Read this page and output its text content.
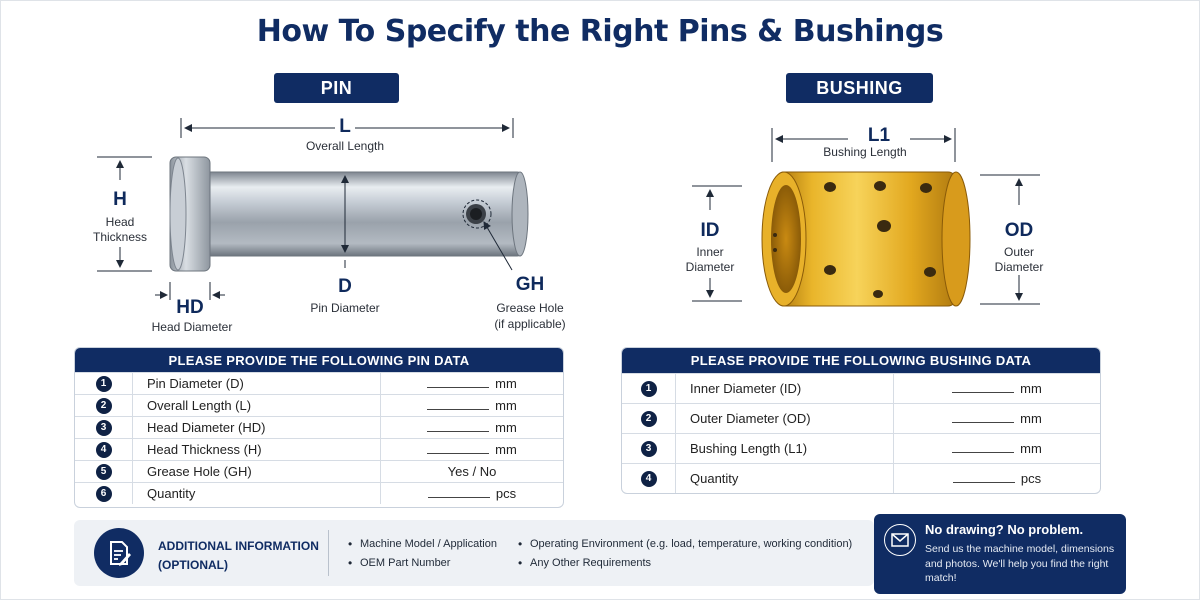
How To Specify the Right Pins & Bushings
PIN	BUSHING
L
Overall Length
H
Head
Thickness
D
Pin Diameter
HD
Head Diameter
GH
Grease Hole
(if applicable)
L1
Bushing Length
ID
Inner
Diameter
OD
Outer
Diameter
PLEASE PROVIDE THE FOLLOWING PIN DATA
1	Pin Diameter (D)	mm
2	Overall Length (L)	mm
3	Head Diameter (HD)	mm
4	Head Thickness (H)	mm
5	Grease Hole (GH)	Yes / No
6	Quantity	pcs
PLEASE PROVIDE THE FOLLOWING BUSHING DATA
1	Inner Diameter (ID)	mm
2	Outer Diameter (OD)	mm
3	Bushing Length (L1)	mm
4	Quantity	pcs
ADDITIONAL INFORMATION
(OPTIONAL)
• Machine Model / Application
• OEM Part Number
• Operating Environment (e.g. load, temperature, working condition)
• Any Other Requirements
No drawing? No problem.
Send us the machine model, dimensions and photos. We'll help you find the right match!
